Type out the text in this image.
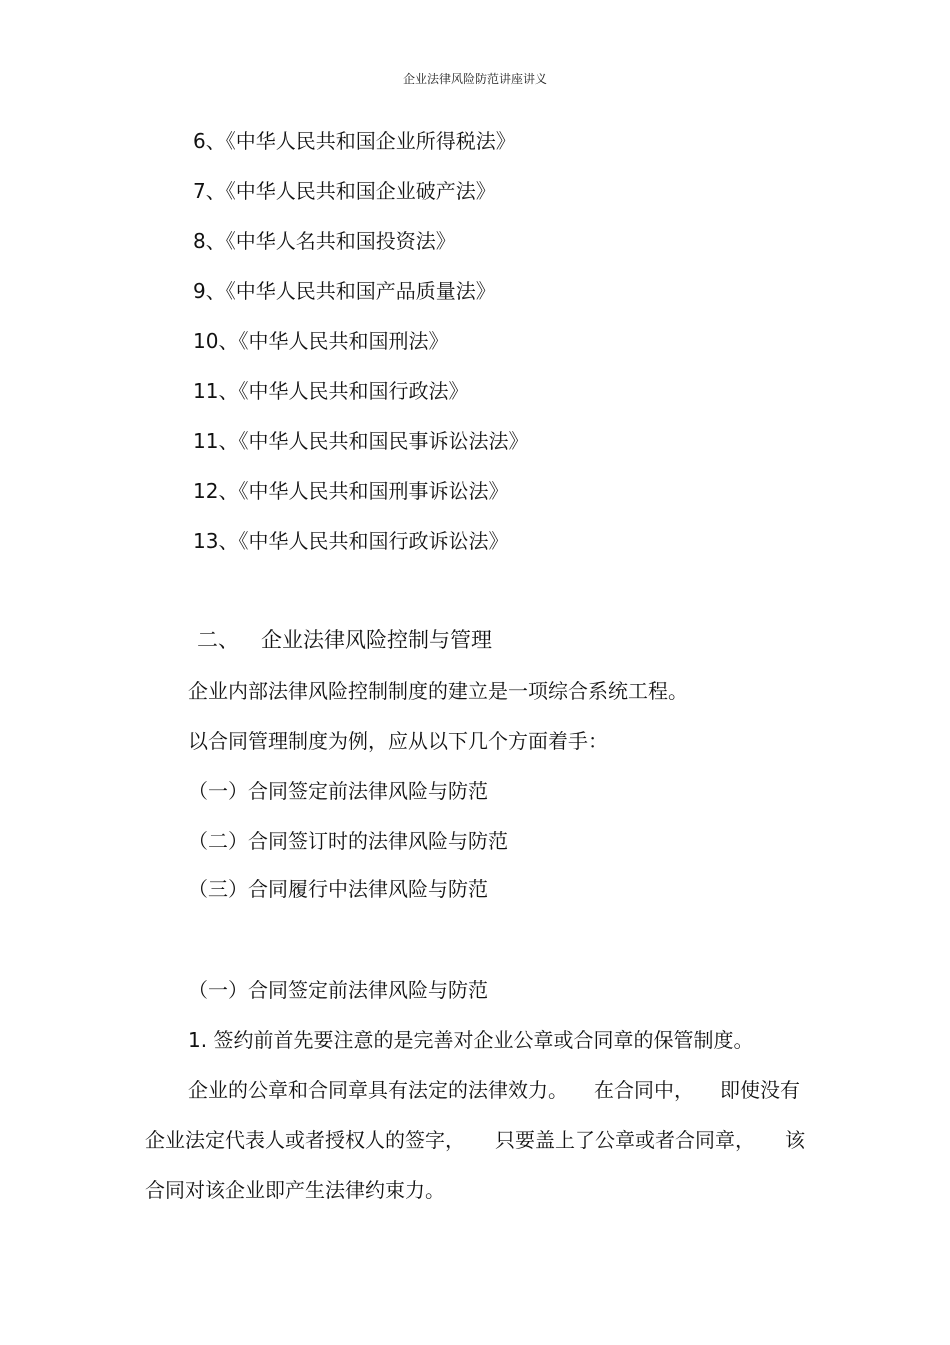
企业法律风险防范讲座讲义
6、《中华人民共和国企业所得税法》
7、《中华人民共和国企业破产法》
8、《中华人名共和国投资法》
9、《中华人民共和国产品质量法》
10、《中华人民共和国刑法》
11、《中华人民共和国行政法》
11、《中华人民共和国民事诉讼法法》
12、《中华人民共和国刑事诉讼法》
13、《中华人民共和国行政诉讼法》
二、 企业法律风险控制与管理
企业内部法律风险控制制度的建立是一项综合系统工程。
以合同管理制度为例，应从以下几个方面着手：
（一）合同签定前法律风险与防范
（二）合同签订时的法律风险与防范
（三）合同履行中法律风险与防范
（一）合同签定前法律风险与防范
1. 签约前首先要注意的是完善对企业公章或合同章的保管制度。
企业的公章和合同章具有法定的法律效力。 在合同中， 即使没有
企业法定代表人或者授权人的签字， 只要盖上了公章或者合同章， 该
合同对该企业即产生法律约束力。
